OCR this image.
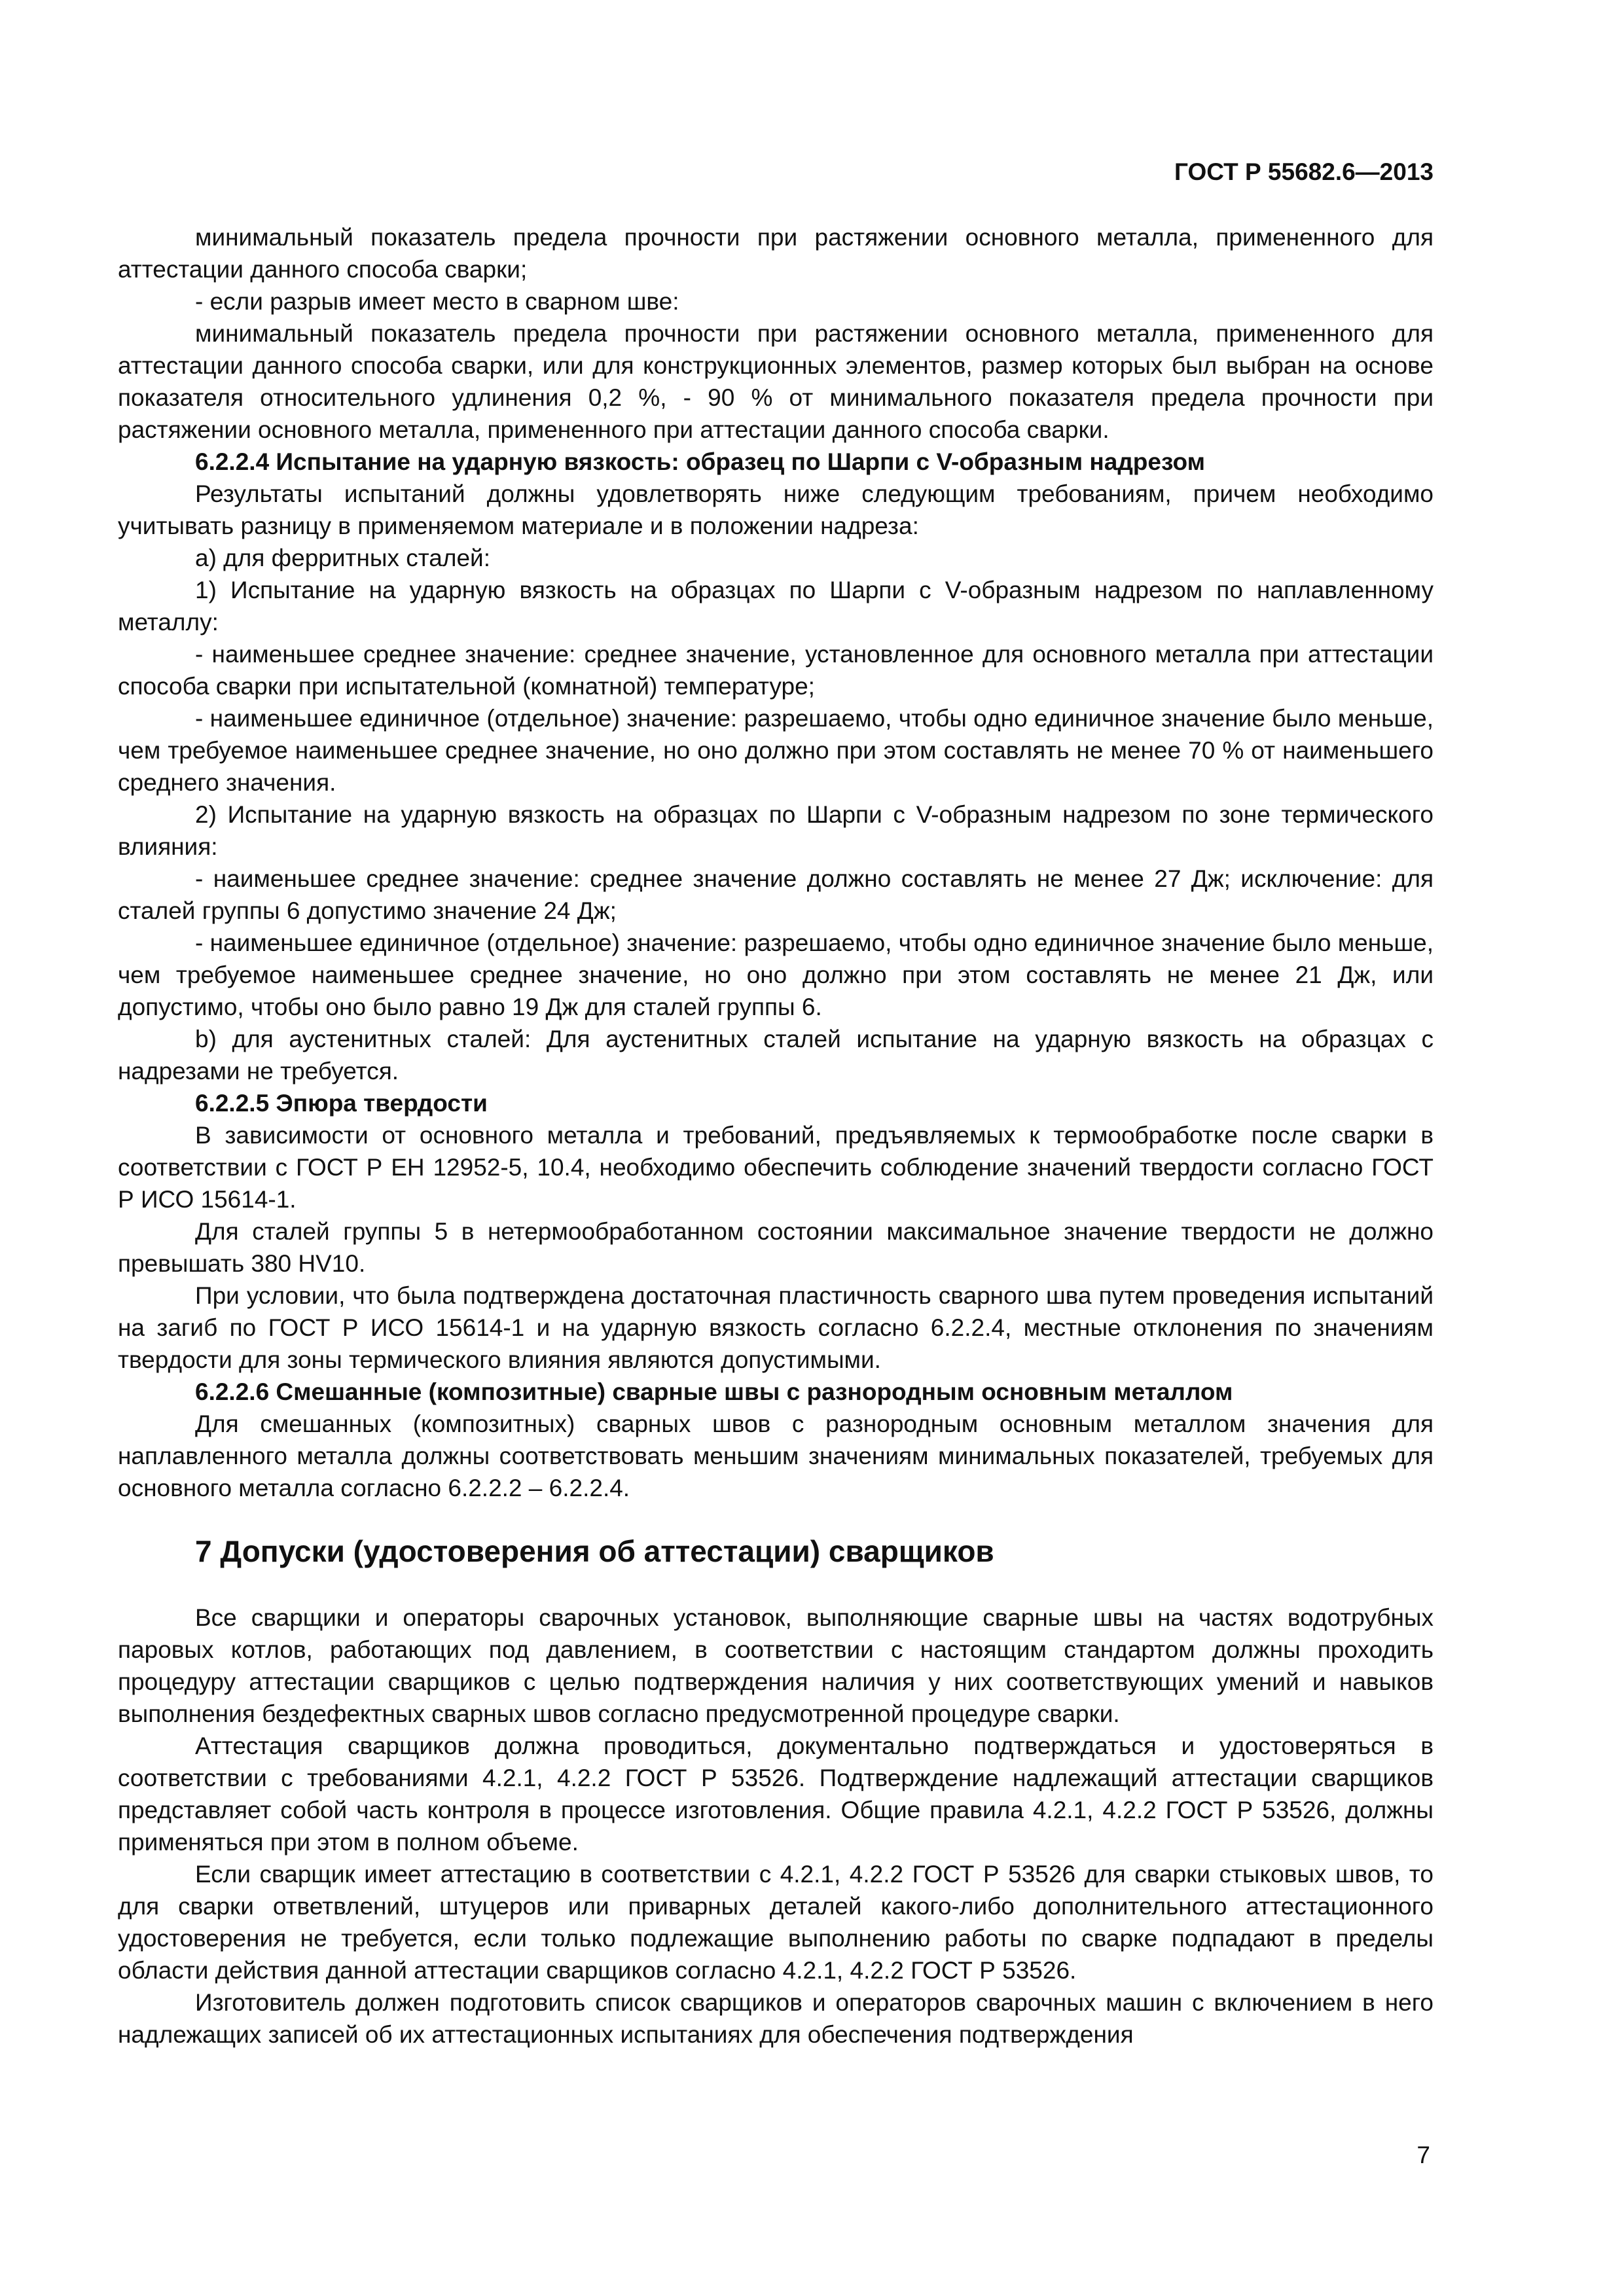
ГОСТ Р 55682.6—2013

минимальный показатель предела прочности при растяжении основного металла, примененного для аттестации данного способа сварки;

- если разрыв имеет место в сварном шве:

минимальный показатель предела прочности при растяжении основного металла, примененного для аттестации данного способа сварки, или для конструкционных элементов, размер которых был выбран на основе показателя относительного удлинения 0,2 %, - 90 % от минимального показателя предела прочности при растяжении основного металла, примененного при аттестации данного способа сварки.

6.2.2.4 Испытание на ударную вязкость: образец по Шарпи с V-образным надрезом

Результаты испытаний должны удовлетворять ниже следующим требованиям, причем необходимо учитывать разницу в применяемом материале и в положении надреза:

а) для ферритных сталей:

1) Испытание на ударную вязкость на образцах по Шарпи с V-образным надрезом по наплавленному металлу:

- наименьшее среднее значение: среднее значение, установленное для основного металла при аттестации способа сварки при испытательной (комнатной) температуре;

- наименьшее единичное (отдельное) значение: разрешаемо, чтобы одно единичное значение было меньше, чем требуемое наименьшее среднее значение, но оно должно при этом составлять не менее 70 % от наименьшего среднего значения.

2) Испытание на ударную вязкость на образцах по Шарпи с V-образным надрезом по зоне термического влияния:

- наименьшее среднее значение: среднее значение должно составлять не менее 27 Дж; исключение: для сталей группы 6 допустимо значение 24 Дж;

- наименьшее единичное (отдельное) значение: разрешаемо, чтобы одно единичное значение было меньше, чем требуемое наименьшее среднее значение, но оно должно при этом составлять не менее 21 Дж, или допустимо, чтобы оно было равно 19 Дж для сталей группы 6.

b) для аустенитных сталей: Для аустенитных сталей испытание на ударную вязкость на образцах с надрезами не требуется.

6.2.2.5 Эпюра твердости

В зависимости от основного металла и требований, предъявляемых к термообработке после сварки в соответствии с ГОСТ Р ЕН 12952-5, 10.4, необходимо обеспечить соблюдение значений твердости согласно ГОСТ Р ИСО 15614-1.

Для сталей группы 5 в нетермообработанном состоянии максимальное значение твердости не должно превышать 380 HV10.

При условии, что была подтверждена достаточная пластичность сварного шва путем проведения испытаний на загиб по ГОСТ Р ИСО 15614-1 и на ударную вязкость согласно 6.2.2.4, местные отклонения по значениям твердости для зоны термического влияния являются допустимыми.

6.2.2.6 Смешанные (композитные) сварные швы с разнородным основным металлом

Для смешанных (композитных) сварных швов с разнородным основным металлом значения для наплавленного металла должны соответствовать меньшим значениям минимальных показателей, требуемых для основного металла согласно 6.2.2.2 – 6.2.2.4.

7 Допуски (удостоверения об аттестации) сварщиков

Все сварщики и операторы сварочных установок, выполняющие сварные швы на частях водотрубных паровых котлов, работающих под давлением, в соответствии с настоящим стандартом должны проходить процедуру аттестации сварщиков с целью подтверждения наличия у них соответствующих умений и навыков выполнения бездефектных сварных швов согласно предусмотренной процедуре сварки.

Аттестация сварщиков должна проводиться, документально подтверждаться и удостоверяться в соответствии с требованиями 4.2.1, 4.2.2 ГОСТ Р 53526. Подтверждение надлежащий аттестации сварщиков представляет собой часть контроля в процессе изготовления. Общие правила 4.2.1, 4.2.2 ГОСТ Р 53526, должны применяться при этом в полном объеме.

Если сварщик имеет аттестацию в соответствии с 4.2.1, 4.2.2 ГОСТ Р 53526 для сварки стыковых швов, то для сварки ответвлений, штуцеров или приварных деталей какого-либо дополнительного аттестационного удостоверения не требуется, если только подлежащие выполнению работы по сварке подпадают в пределы области действия данной аттестации сварщиков согласно 4.2.1, 4.2.2 ГОСТ Р 53526.

Изготовитель должен подготовить список сварщиков и операторов сварочных машин с включением в него надлежащих записей об их аттестационных испытаниях для обеспечения подтверждения

7
